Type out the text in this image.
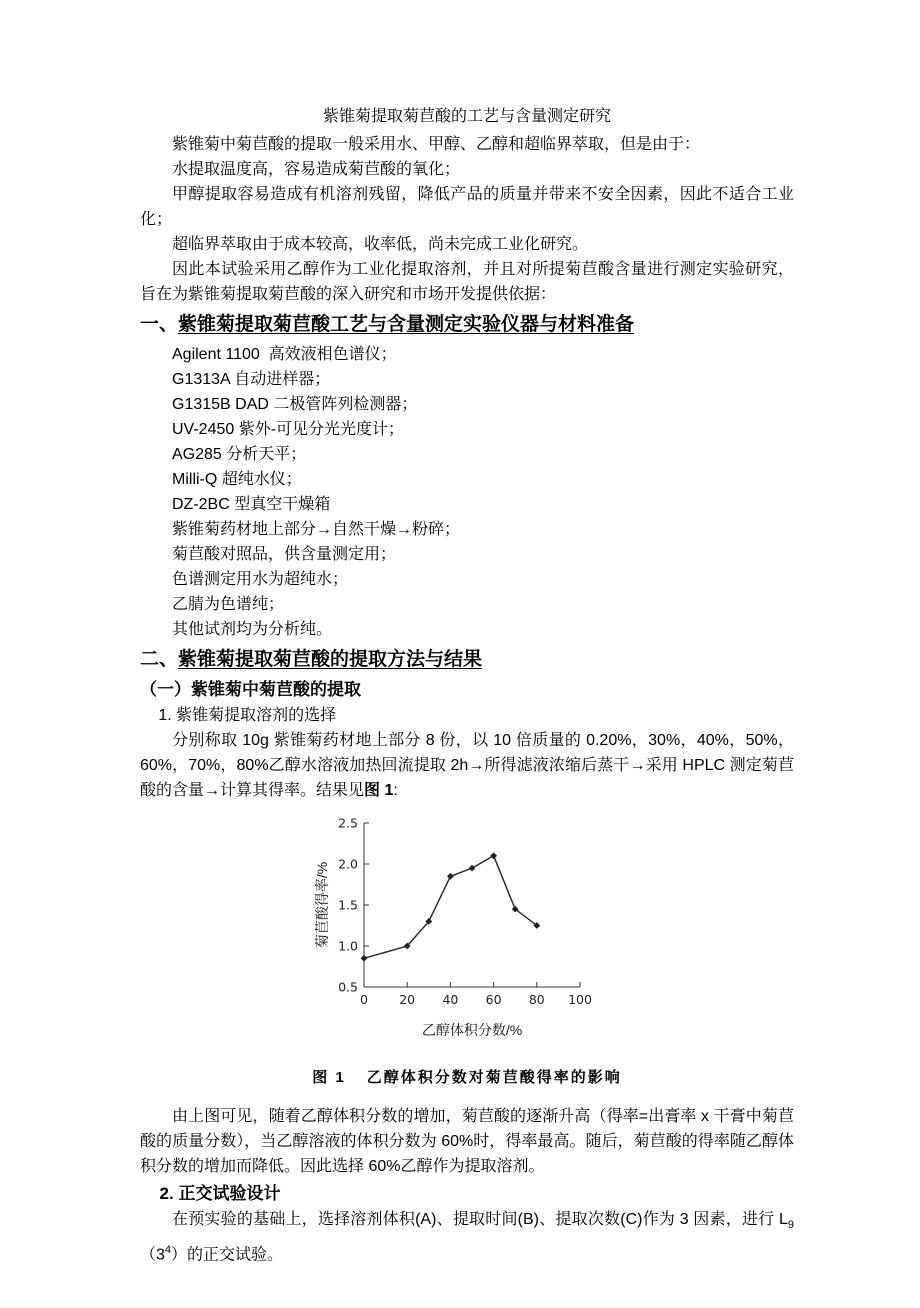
紫锥菊提取菊苣酸的工艺与含量测定研究

紫锥菊中菊苣酸的提取一般采用水、甲醇、乙醇和超临界萃取，但是由于：

水提取温度高，容易造成菊苣酸的氧化；

甲醇提取容易造成有机溶剂残留，降低产品的质量并带来不安全因素，因此不适合工业化；

超临界萃取由于成本较高，收率低，尚未完成工业化研究。

因此本试验采用乙醇作为工业化提取溶剂，并且对所提菊苣酸含量进行测定实验研究，旨在为紫锥菊提取菊苣酸的深入研究和市场开发提供依据：

一、紫锥菊提取菊苣酸工艺与含量测定实验仪器与材料准备

Agilent 1100  高效液相色谱仪；

G1313A 自动进样器；

G1315B DAD 二极管阵列检测器；

UV-2450 紫外-可见分光光度计；

AG285 分析天平；

Milli-Q 超纯水仪；

DZ-2BC 型真空干燥箱

紫锥菊药材地上部分→自然干燥→粉碎；

菊苣酸对照品，供含量测定用；

色谱测定用水为超纯水；

乙腈为色谱纯；

其他试剂均为分析纯。

二、紫锥菊提取菊苣酸的提取方法与结果

（一）紫锥菊中菊苣酸的提取

1. 紫锥菊提取溶剂的选择

分别称取 10g 紫锥菊药材地上部分 8 份，以 10 倍质量的 0.20%，30%，40%，50%，60%，70%，80%乙醇水溶液加热回流提取 2h→所得滤液浓缩后蒸干→采用 HPLC 测定菊苣酸的含量→计算其得率。结果见图 1:

0.5
1.0
1.5
2.0
2.5
0	20 40 60 80 100
乙醇体积分数/%
菊苣酸得率/%

图 1 乙醇体积分数对菊苣酸得率的影响

由上图可见，随着乙醇体积分数的增加，菊苣酸的逐渐升高（得率=出膏率 x 干膏中菊苣酸的质量分数），当乙醇溶液的体积分数为 60%时，得率最高。随后，菊苣酸的得率随乙醇体积分数的增加而降低。因此选择 60%乙醇作为提取溶剂。

2. 正交试验设计

在预实验的基础上，选择溶剂体积(A)、提取时间(B)、提取次数(C)作为 3 因素，进行 $L_9(3^4)$的正交试验。
